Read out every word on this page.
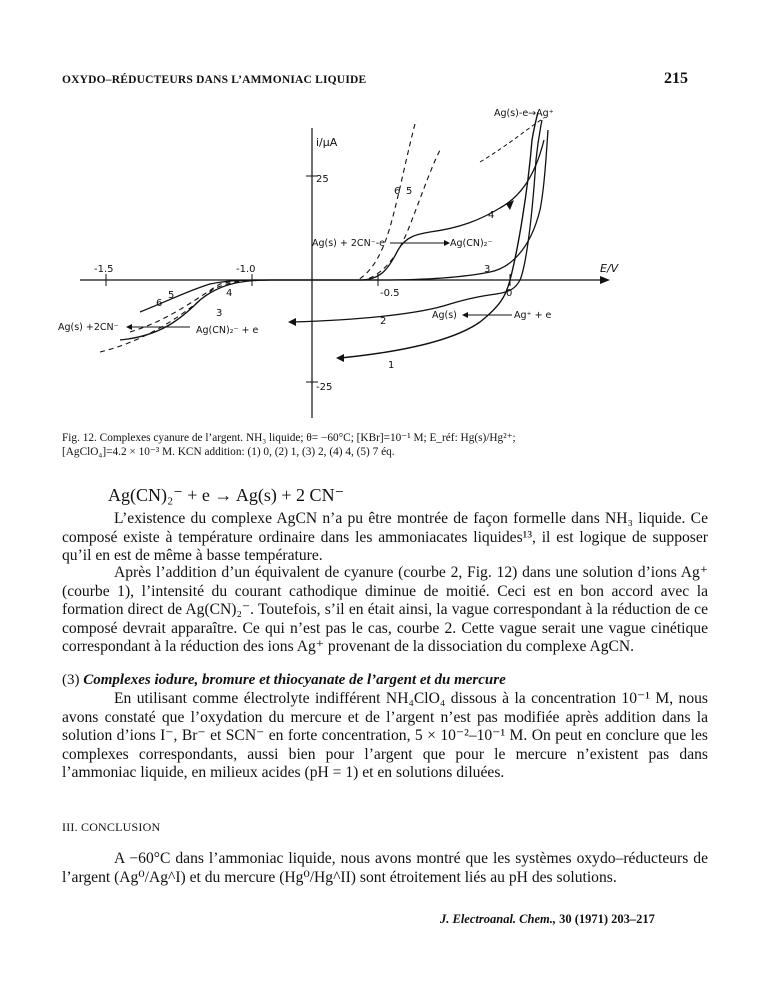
OXYDO–RÉDUCTEURS DANS L’AMMONIAC LIQUIDE	215
i/μA
E/V
25
-25
-1.5	-1.0
-0.5	0
1
2
3
4
5
6
6
5	4
3
Ag(s)-e→Ag⁺
Ag(s) + 2CN⁻-e	Ag(CN)₂⁻
Ag(s) +2CN⁻	Ag(CN)₂⁻ + e
Ag(s)	Ag⁺ + e
Fig. 12. Complexes cyanure de l’argent. NH₃ liquide; θ= −60°C; [KBr]=10⁻¹ M; E_réf: Hg(s)/Hg²⁺;
[AgClO₄]=4.2 × 10⁻³ M. KCN addition: (1) 0, (2) 1, (3) 2, (4) 4, (5) 7 éq.
Ag(CN)₂⁻ + e → Ag(s) + 2 CN⁻
L’existence du complexe AgCN n’a pu être montrée de façon formelle dans NH₃ liquide. Ce composé existe à température ordinaire dans les ammoniacates liquides¹³, il est logique de supposer qu’il en est de même à basse température.
Après l’addition d’un équivalent de cyanure (courbe 2, Fig. 12) dans une solution d’ions Ag⁺ (courbe 1), l’intensité du courant cathodique diminue de moitié. Ceci est en bon accord avec la formation direct de Ag(CN)₂⁻. Toutefois, s’il en était ainsi, la vague correspondant à la réduction de ce composé devrait apparaître. Ce qui n’est pas le cas, courbe 2. Cette vague serait une vague cinétique correspondant à la réduction des ions Ag⁺ provenant de la dissociation du complexe AgCN.
(3) Complexes iodure, bromure et thiocyanate de l’argent et du mercure
En utilisant comme électrolyte indifférent NH₄ClO₄ dissous à la concentration 10⁻¹ M, nous avons constaté que l’oxydation du mercure et de l’argent n’est pas modifiée après addition dans la solution d’ions I⁻, Br⁻ et SCN⁻ en forte concentration, 5 × 10⁻²–10⁻¹ M. On peut en conclure que les complexes correspondants, aussi bien pour l’argent que pour le mercure n’existent pas dans l’ammoniac liquide, en milieux acides (pH = 1) et en solutions diluées.
III. CONCLUSION
A −60°C dans l’ammoniac liquide, nous avons montré que les systèmes oxydo–réducteurs de l’argent (Ag⁰/Ag^I) et du mercure (Hg⁰/Hg^II) sont étroitement liés au pH des solutions.
J. Electroanal. Chem., 30 (1971) 203–217
